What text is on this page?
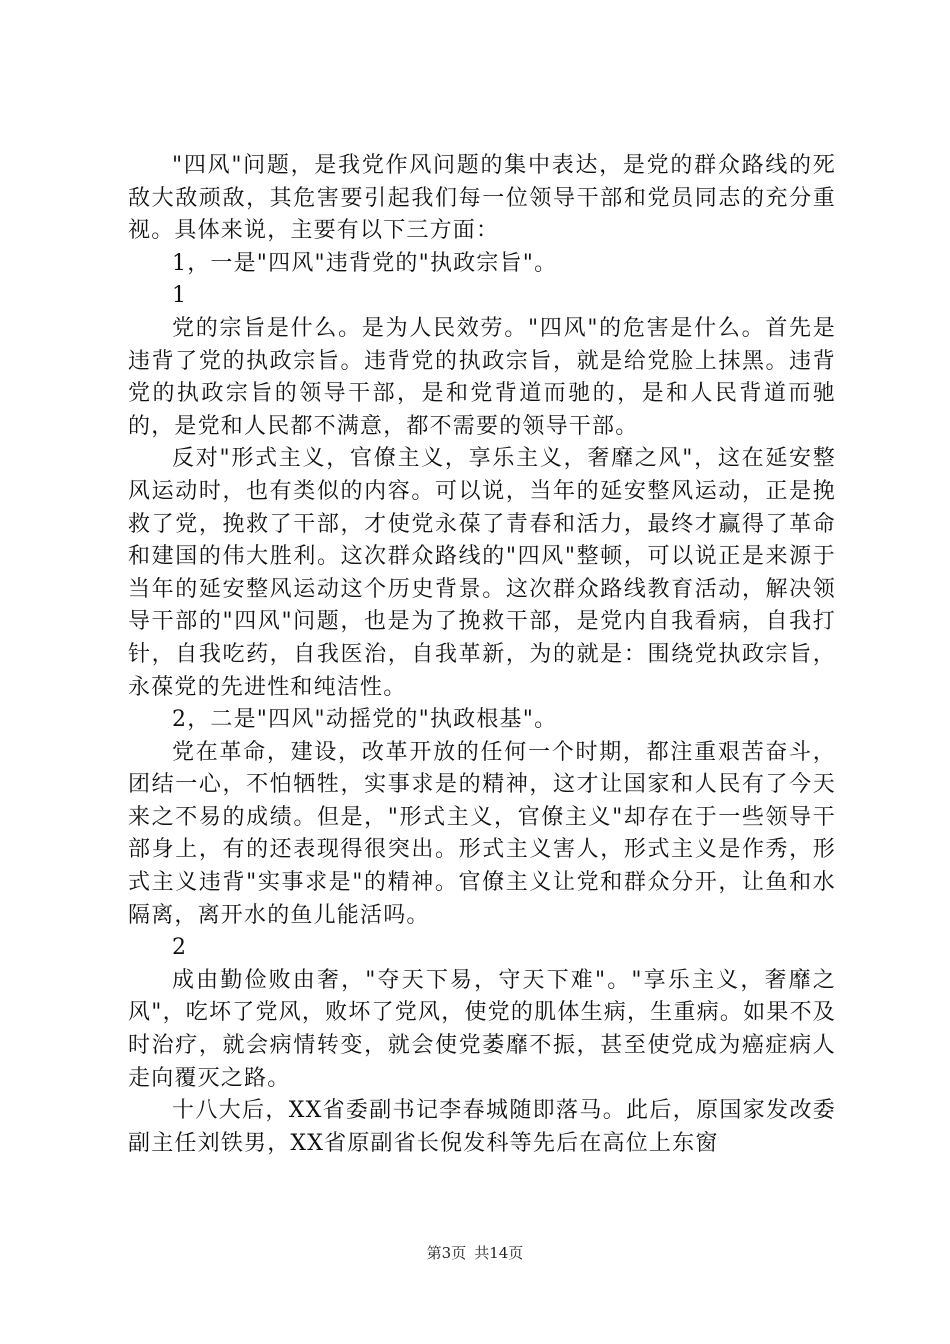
"四风"问题，是我党作风问题的集中表达，是党的群众路线的死敌大敌顽敌，其危害要引起我们每一位领导干部和党员同志的充分重视。具体来说，主要有以下三方面：

1，一是"四风"违背党的"执政宗旨"。

1

党的宗旨是什么。是为人民效劳。"四风"的危害是什么。首先是违背了党的执政宗旨。违背党的执政宗旨，就是给党脸上抹黑。违背党的执政宗旨的领导干部，是和党背道而驰的，是和人民背道而驰的，是党和人民都不满意，都不需要的领导干部。

反对"形式主义，官僚主义，享乐主义，奢靡之风"，这在延安整风运动时，也有类似的内容。可以说，当年的延安整风运动，正是挽救了党，挽救了干部，才使党永葆了青春和活力，最终才赢得了革命和建国的伟大胜利。这次群众路线的"四风"整顿，可以说正是来源于当年的延安整风运动这个历史背景。这次群众路线教育活动，解决领导干部的"四风"问题，也是为了挽救干部，是党内自我看病，自我打针，自我吃药，自我医治，自我革新，为的就是：围绕党执政宗旨，永葆党的先进性和纯洁性。

2，二是"四风"动摇党的"执政根基"。

党在革命，建设，改革开放的任何一个时期，都注重艰苦奋斗，团结一心，不怕牺牲，实事求是的精神，这才让国家和人民有了今天来之不易的成绩。但是，"形式主义，官僚主义"却存在于一些领导干部身上，有的还表现得很突出。形式主义害人，形式主义是作秀，形式主义违背"实事求是"的精神。官僚主义让党和群众分开，让鱼和水隔离，离开水的鱼儿能活吗。

2

成由勤俭败由奢，"夺天下易，守天下难"。"享乐主义，奢靡之风"，吃坏了党风，败坏了党风，使党的肌体生病，生重病。如果不及时治疗，就会病情转变，就会使党萎靡不振，甚至使党成为癌症病人走向覆灭之路。

十八大后，XX省委副书记李春城随即落马。此后，原国家发改委副主任刘铁男，XX省原副省长倪发科等先后在高位上东窗

第3页 共14页
